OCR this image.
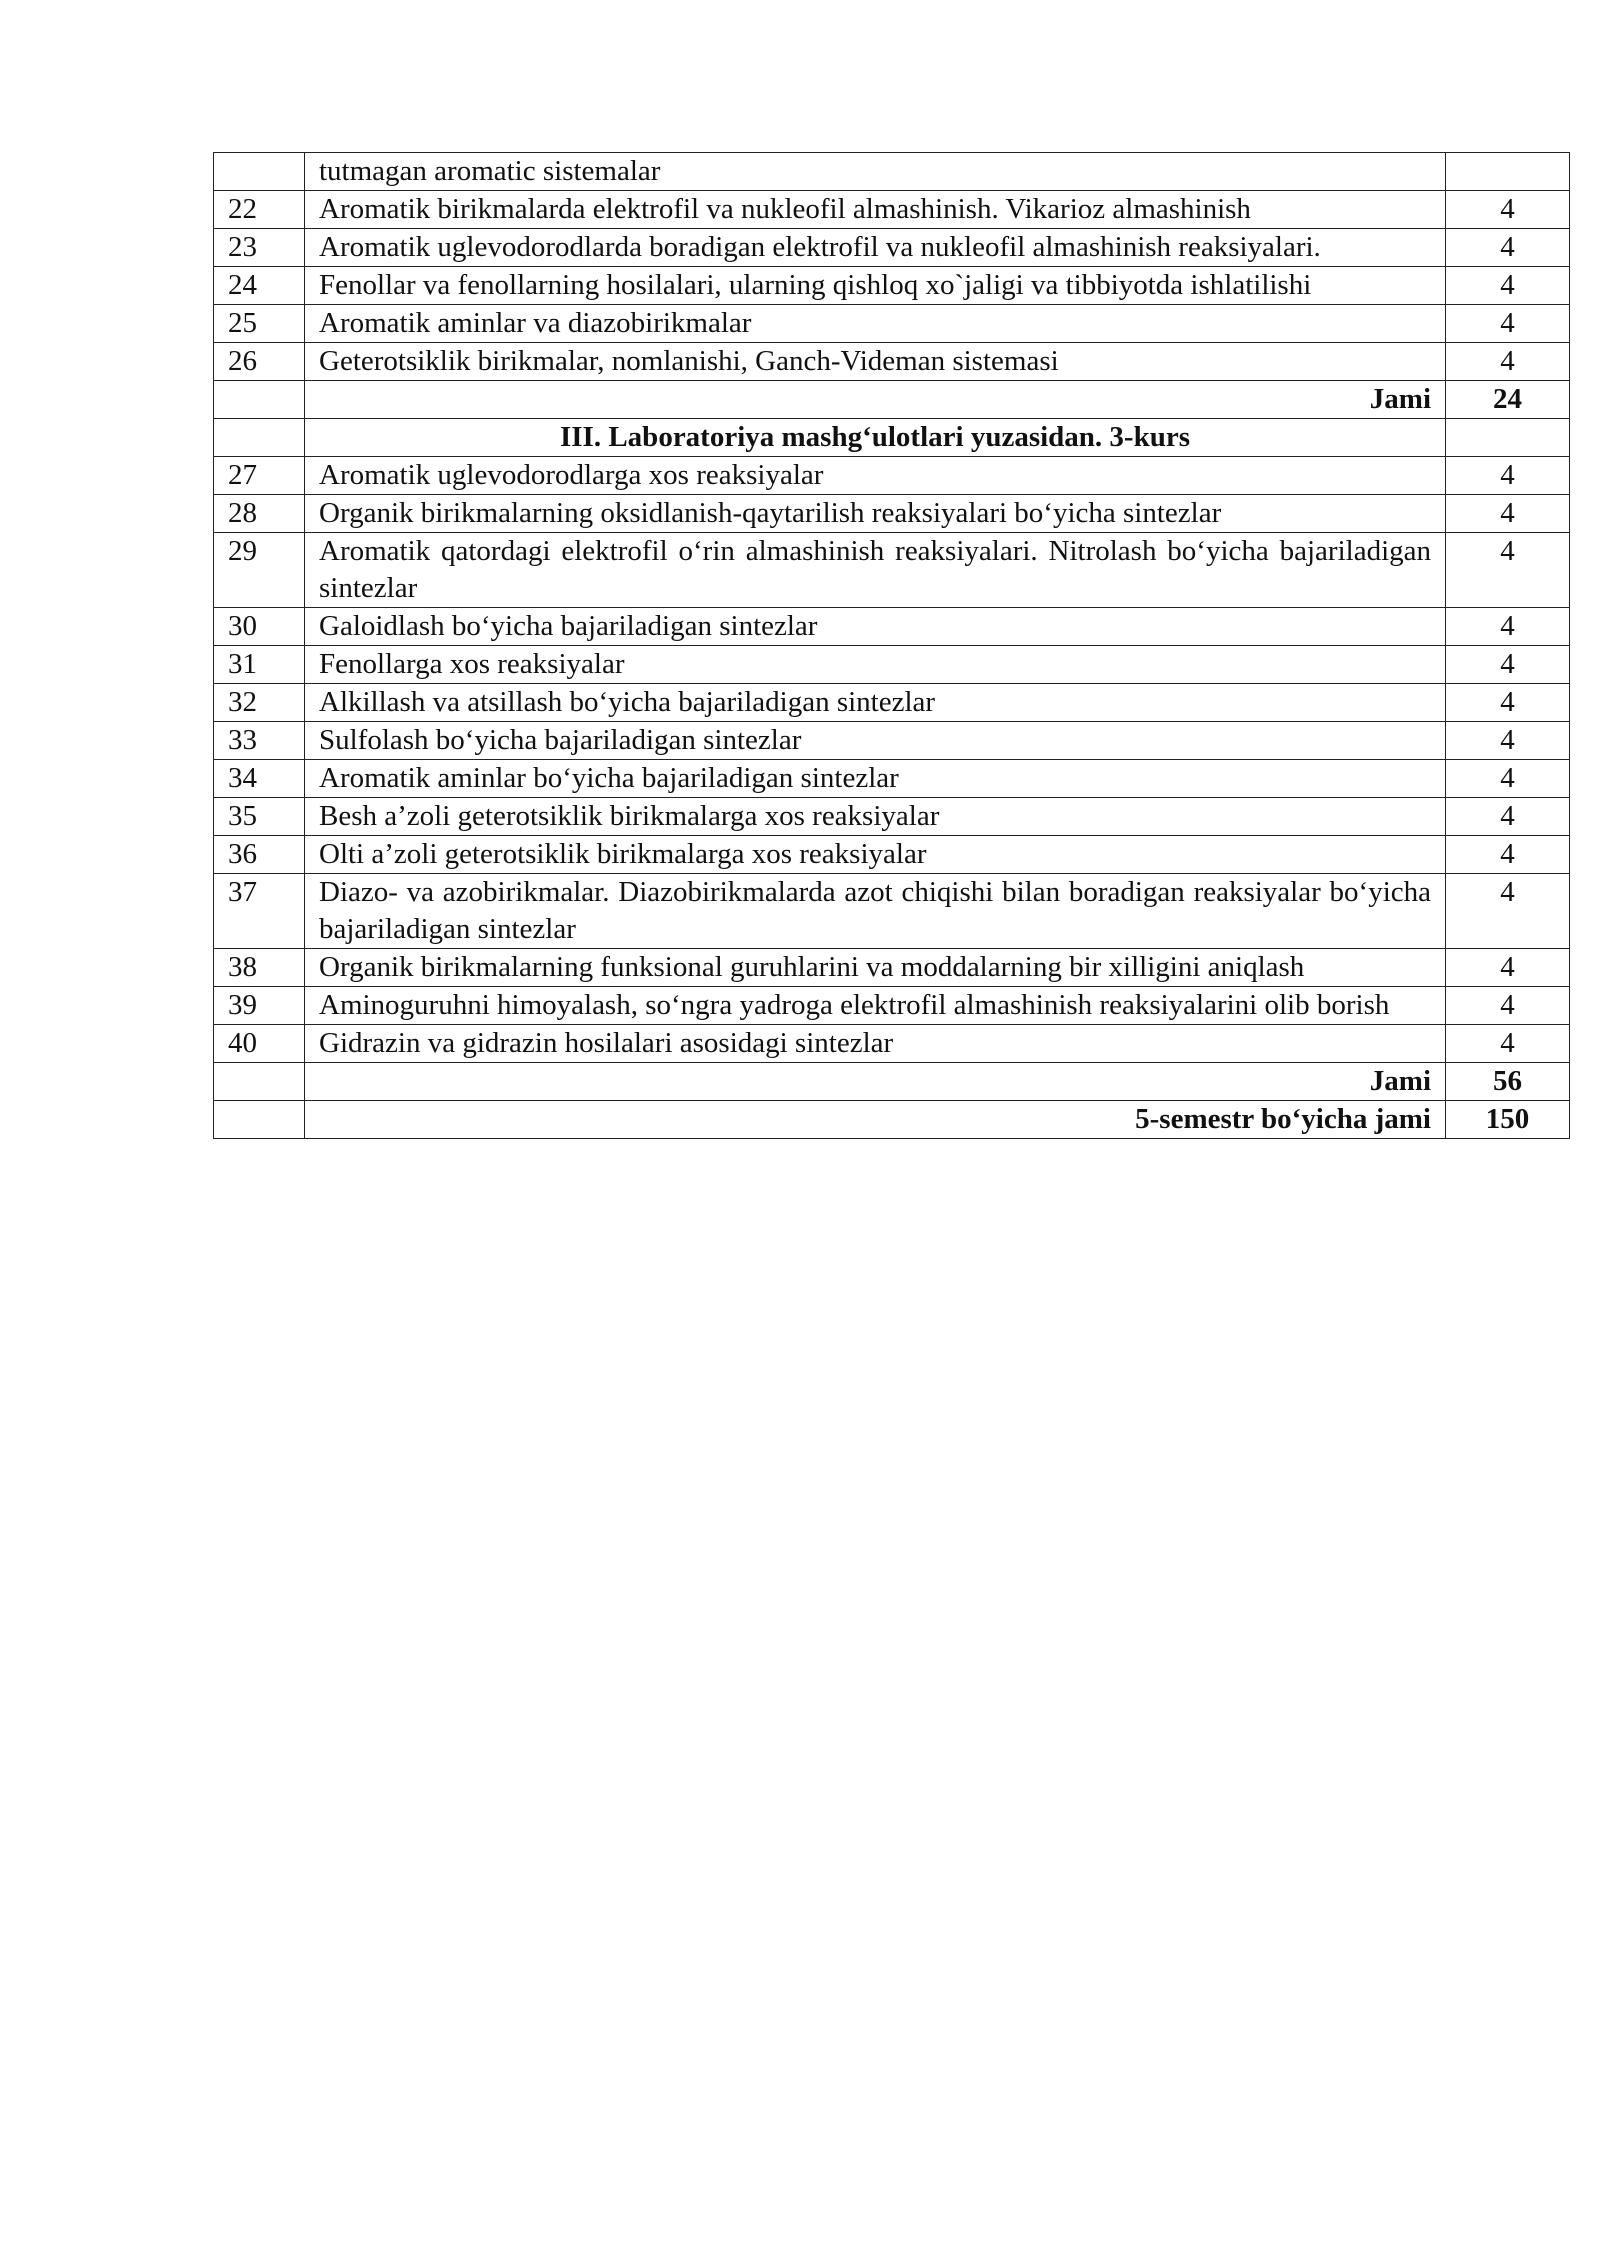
	tutmagan aromatic sistemalar	
22	Aromatik birikmalarda elektrofil va nukleofil almashinish. Vikarioz almashinish	4
23	Aromatik uglevodorodlarda boradigan elektrofil va nukleofil almashinish reaksiyalari.	4
24	Fenollar va fenollarning hosilalari, ularning qishloq xo`jaligi va tibbiyotda ishlatilishi	4
25	Aromatik aminlar va diazobirikmalar	4
26	Geterotsiklik birikmalar, nomlanishi, Ganch-Videman sistemasi	4
	Jami	24
	III. Laboratoriya mashg‘ulotlari yuzasidan. 3-kurs	
27	Aromatik uglevodorodlarga xos reaksiyalar	4
28	Organik birikmalarning oksidlanish-qaytarilish reaksiyalari bo‘yicha sintezlar	4
29	Aromatik qatordagi elektrofil o‘rin almashinish reaksiyalari. Nitrolash bo‘yicha bajariladigan sintezlar	4
30	Galoidlash bo‘yicha bajariladigan sintezlar	4
31	Fenollarga xos reaksiyalar	4
32	Alkillash va atsillash bo‘yicha bajariladigan sintezlar	4
33	Sulfolash bo‘yicha bajariladigan sintezlar	4
34	Aromatik aminlar bo‘yicha bajariladigan sintezlar	4
35	Besh a’zoli geterotsiklik birikmalarga xos reaksiyalar	4
36	Olti a’zoli geterotsiklik birikmalarga xos reaksiyalar	4
37	Diazo- va azobirikmalar. Diazobirikmalarda azot chiqishi bilan boradigan reaksiyalar bo‘yicha bajariladigan sintezlar	4
38	Organik birikmalarning funksional guruhlarini va moddalarning bir xilligini aniqlash	4
39	Aminoguruhni himoyalash, so‘ngra yadroga elektrofil almashinish reaksiyalarini olib borish	4
40	Gidrazin va gidrazin hosilalari asosidagi sintezlar	4
	Jami	56
	5-semestr bo‘yicha jami	150
